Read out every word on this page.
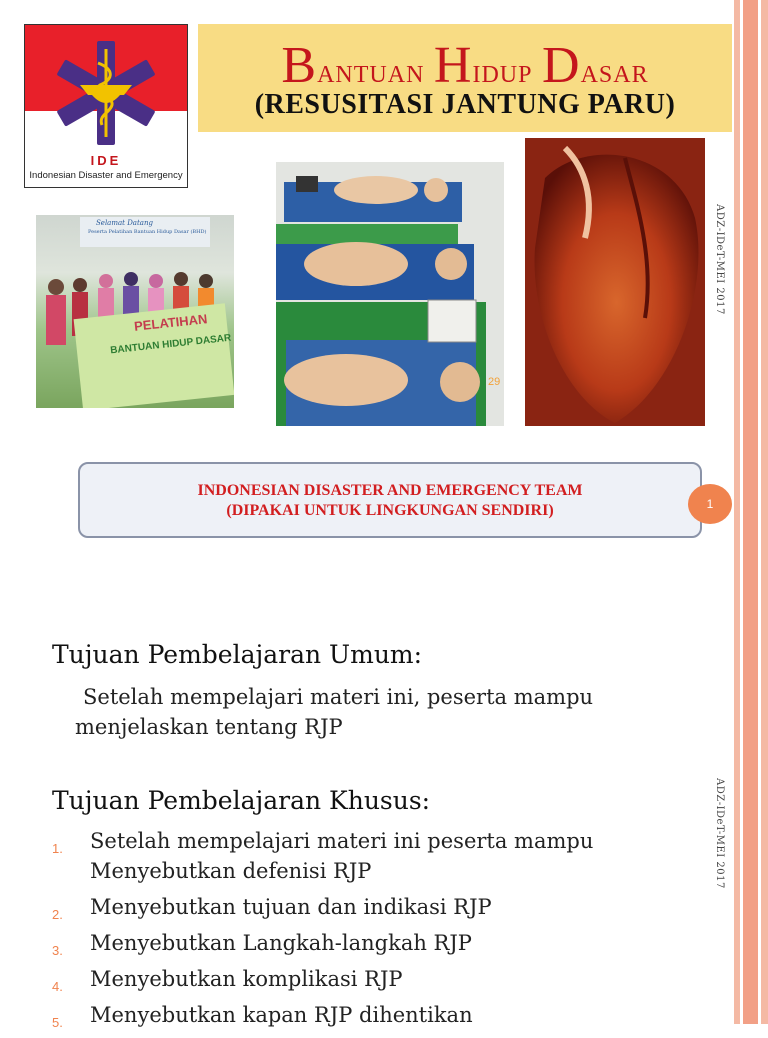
IDE
Indonesian Disaster and Emergency
Bantuan Hidup Dasar
(RESUSITASI JANTUNG PARU)
Selamat Datang
Peserta Pelatihan Bantuan Hidup Dasar (BHD)
PELATIHAN
BANTUAN HIDUP DASAR
29
ADZ-IDeT-MEI 2017
INDONESIAN DISASTER AND EMERGENCY TEAM
(DIPAKAI UNTUK LINGKUNGAN SENDIRI)	1
Tujuan Pembelajaran Umum:
Setelah mempelajari materi ini, peserta mampu
menjelaskan tentang RJP
Tujuan Pembelajaran Khusus:
1.	Setelah mempelajari materi ini peserta mampu Menyebutkan defenisi RJP
2.	Menyebutkan tujuan dan indikasi RJP
3.	Menyebutkan Langkah-langkah RJP
4.	Menyebutkan komplikasi RJP
5.	Menyebutkan kapan RJP dihentikan
ADZ-IDeT-MEI 2017
